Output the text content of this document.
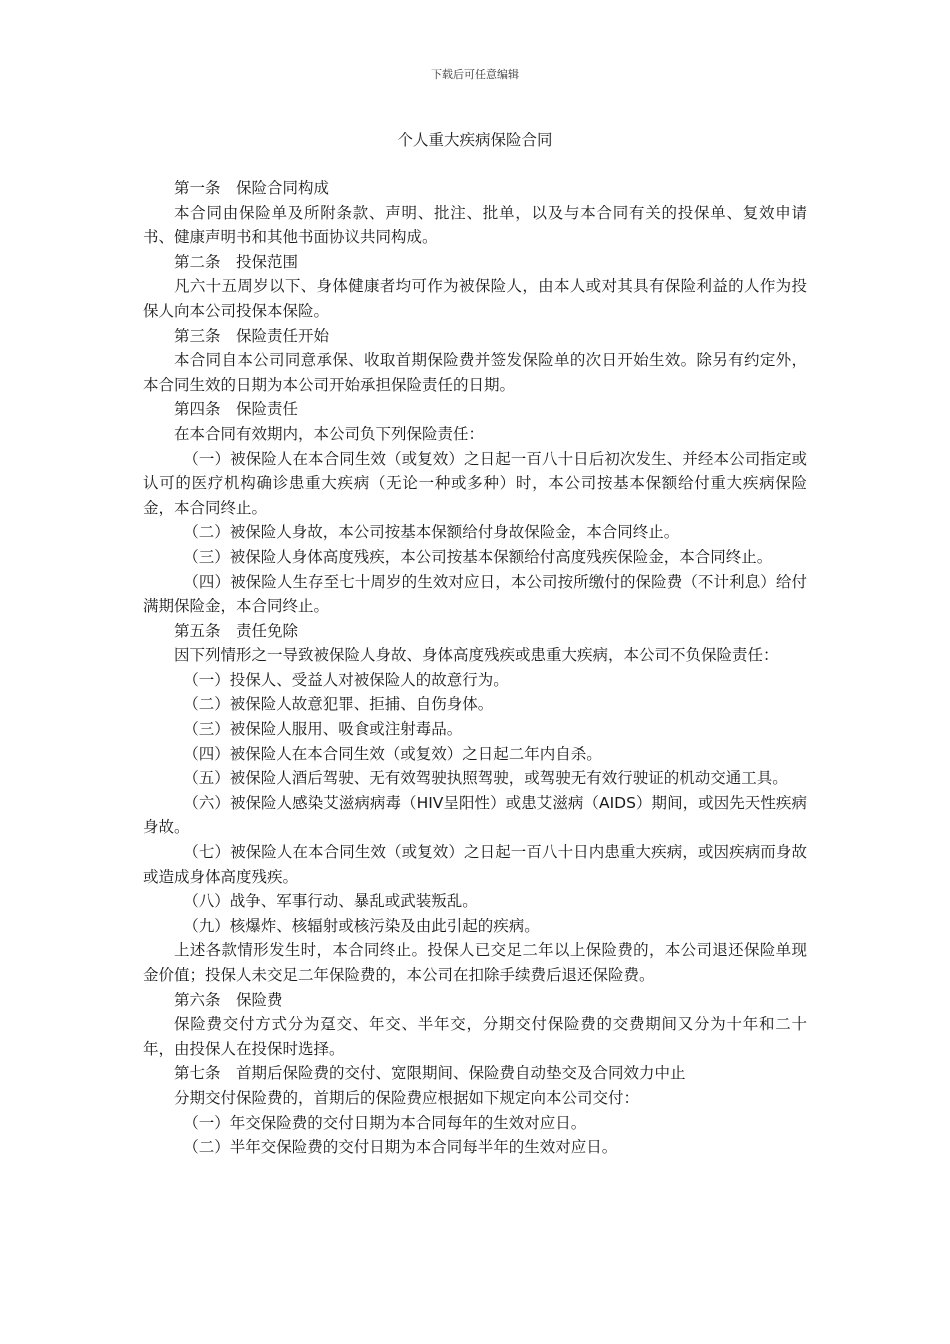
下载后可任意编辑
个人重大疾病保险合同

第一条　保险合同构成

本合同由保险单及所附条款、声明、批注、批单，以及与本合同有关的投保单、复效申请书、健康声明书和其他书面协议共同构成。

第二条　投保范围

凡六十五周岁以下、身体健康者均可作为被保险人，由本人或对其具有保险利益的人作为投保人向本公司投保本保险。

第三条　保险责任开始

本合同自本公司同意承保、收取首期保险费并签发保险单的次日开始生效。除另有约定外，本合同生效的日期为本公司开始承担保险责任的日期。

第四条　保险责任

在本合同有效期内，本公司负下列保险责任：

（一）被保险人在本合同生效（或复效）之日起一百八十日后初次发生、并经本公司指定或认可的医疗机构确诊患重大疾病（无论一种或多种）时，本公司按基本保额给付重大疾病保险金，本合同终止。

（二）被保险人身故，本公司按基本保额给付身故保险金，本合同终止。

（三）被保险人身体高度残疾，本公司按基本保额给付高度残疾保险金，本合同终止。

（四）被保险人生存至七十周岁的生效对应日，本公司按所缴付的保险费（不计利息）给付满期保险金，本合同终止。

第五条　责任免除

因下列情形之一导致被保险人身故、身体高度残疾或患重大疾病，本公司不负保险责任：

（一）投保人、受益人对被保险人的故意行为。

（二）被保险人故意犯罪、拒捕、自伤身体。

（三）被保险人服用、吸食或注射毒品。

（四）被保险人在本合同生效（或复效）之日起二年内自杀。

（五）被保险人酒后驾驶、无有效驾驶执照驾驶，或驾驶无有效行驶证的机动交通工具。

（六）被保险人感染艾滋病病毒（HIV呈阳性）或患艾滋病（AIDS）期间，或因先天性疾病身故。

（七）被保险人在本合同生效（或复效）之日起一百八十日内患重大疾病，或因疾病而身故或造成身体高度残疾。

（八）战争、军事行动、暴乱或武装叛乱。

（九）核爆炸、核辐射或核污染及由此引起的疾病。

上述各款情形发生时，本合同终止。投保人已交足二年以上保险费的，本公司退还保险单现金价值；投保人未交足二年保险费的，本公司在扣除手续费后退还保险费。

第六条　保险费

保险费交付方式分为趸交、年交、半年交，分期交付保险费的交费期间又分为十年和二十年，由投保人在投保时选择。

第七条　首期后保险费的交付、宽限期间、保险费自动垫交及合同效力中止

分期交付保险费的，首期后的保险费应根据如下规定向本公司交付：

（一）年交保险费的交付日期为本合同每年的生效对应日。

（二）半年交保险费的交付日期为本合同每半年的生效对应日。
